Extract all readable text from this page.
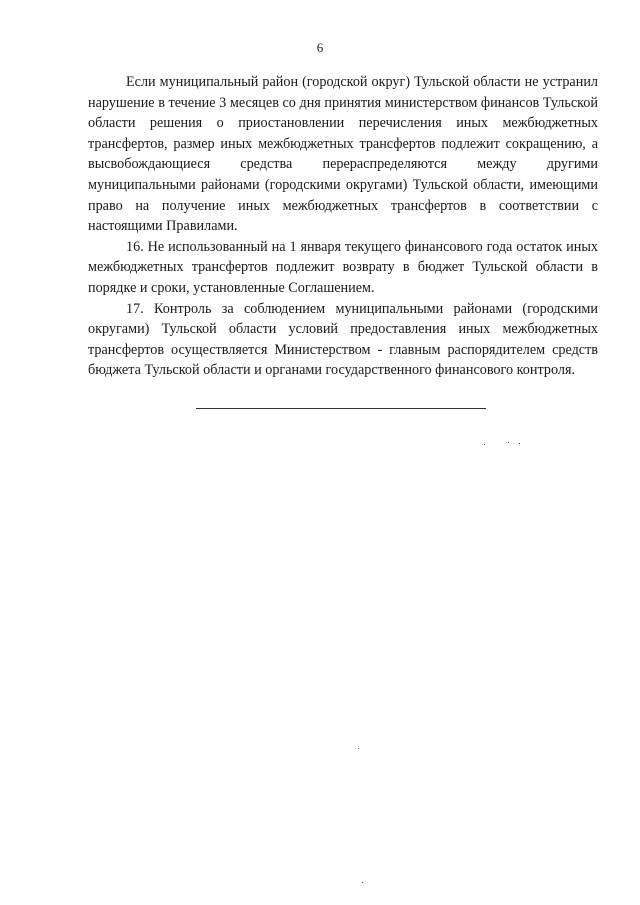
6

Если муниципальный район (городской округ) Тульской области не устранил нарушение в течение 3 месяцев со дня принятия министерством финансов Тульской области решения о приостановлении перечисления иных межбюджетных трансфертов, размер иных межбюджетных трансфертов подлежит сокращению, а высвобождающиеся средства перераспределяются между другими муниципальными районами (городскими округами) Тульской области, имеющими право на получение иных межбюджетных трансфертов в соответствии с настоящими Правилами.

16. Не использованный на 1 января текущего финансового года остаток иных межбюджетных трансфертов подлежит возврату в бюджет Тульской области в порядке и сроки, установленные Соглашением.

17. Контроль за соблюдением муниципальными районами (городскими округами) Тульской области условий предоставления иных межбюджетных трансфертов осуществляется Министерством - главным распорядителем средств бюджета Тульской области и органами государственного финансового контроля.
